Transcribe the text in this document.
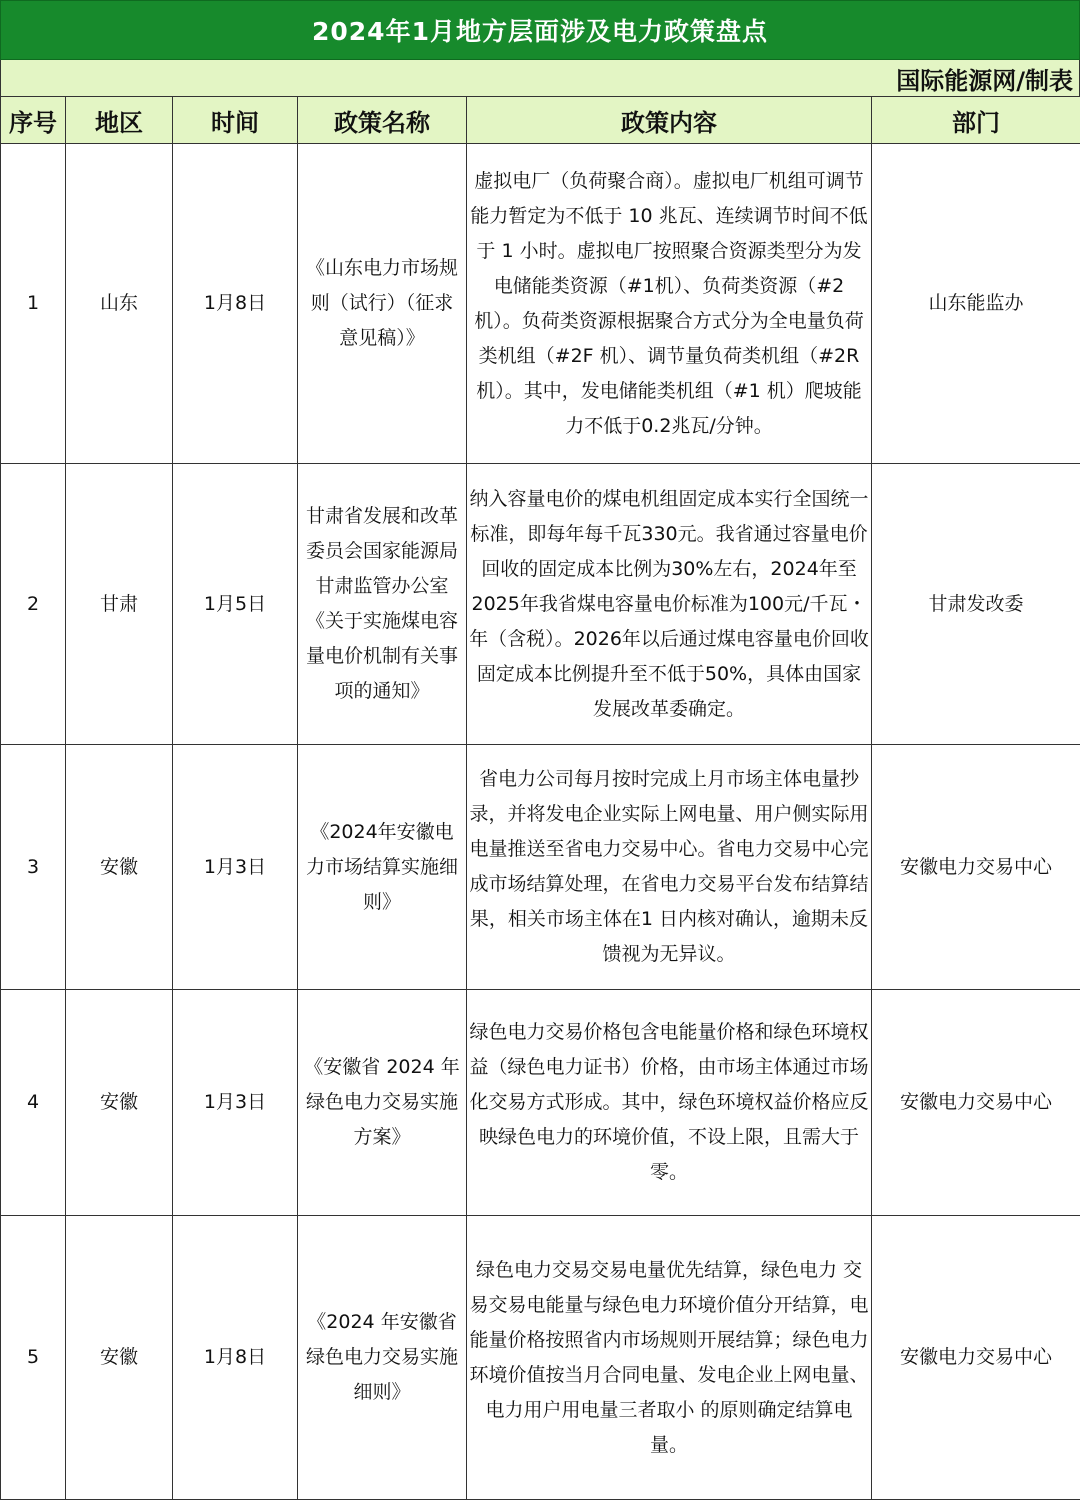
2024年1月地方层面涉及电力政策盘点
国际能源网/制表
序号	地区	时间	政策名称	政策内容	部门
1	山东	1月8日	《山东电力市场规则（试行）（征求意见稿）》	虚拟电厂（负荷聚合商）。虚拟电厂机组可调节能力暂定为不低于 10 兆瓦、连续调节时间不低于 1 小时。虚拟电厂按照聚合资源类型分为发电储能类资源（#1机）、负荷类资源（#2 机）。负荷类资源根据聚合方式分为全电量负荷类机组（#2F 机）、调节量负荷类机组（#2R机）。其中，发电储能类机组（#1 机）爬坡能力不低于0.2兆瓦/分钟。	山东能监办
2	甘肃	1月5日	甘肃省发展和改革委员会国家能源局甘肃监管办公室《关于实施煤电容量电价机制有关事项的通知》	纳入容量电价的煤电机组固定成本实行全国统一标准，即每年每千瓦330元。我省通过容量电价回收的固定成本比例为30%左右，2024年至2025年我省煤电容量电价标准为100元/千瓦・年（含税）。2026年以后通过煤电容量电价回收固定成本比例提升至不低于50%，具体由国家发展改革委确定。	甘肃发改委
3	安徽	1月3日	《2024年安徽电力市场结算实施细则》	省电力公司每月按时完成上月市场主体电量抄录，并将发电企业实际上网电量、用户侧实际用电量推送至省电力交易中心。省电力交易中心完成市场结算处理，在省电力交易平台发布结算结果，相关市场主体在1 日内核对确认，逾期未反馈视为无异议。	安徽电力交易中心
4	安徽	1月3日	《安徽省 2024 年绿色电力交易实施方案》	绿色电力交易价格包含电能量价格和绿色环境权益（绿色电力证书）价格，由市场主体通过市场化交易方式形成。其中，绿色环境权益价格应反映绿色电力的环境价值，不设上限，且需大于零。	安徽电力交易中心
5	安徽	1月8日	《2024 年安徽省绿色电力交易实施细则》	绿色电力交易交易电量优先结算，绿色电力 交易交易电能量与绿色电力环境价值分开结算，电能量价格按照省内市场规则开展结算；绿色电力环境价值按当月合同电量、发电企业上网电量、电力用户用电量三者取小 的原则确定结算电量。	安徽电力交易中心
